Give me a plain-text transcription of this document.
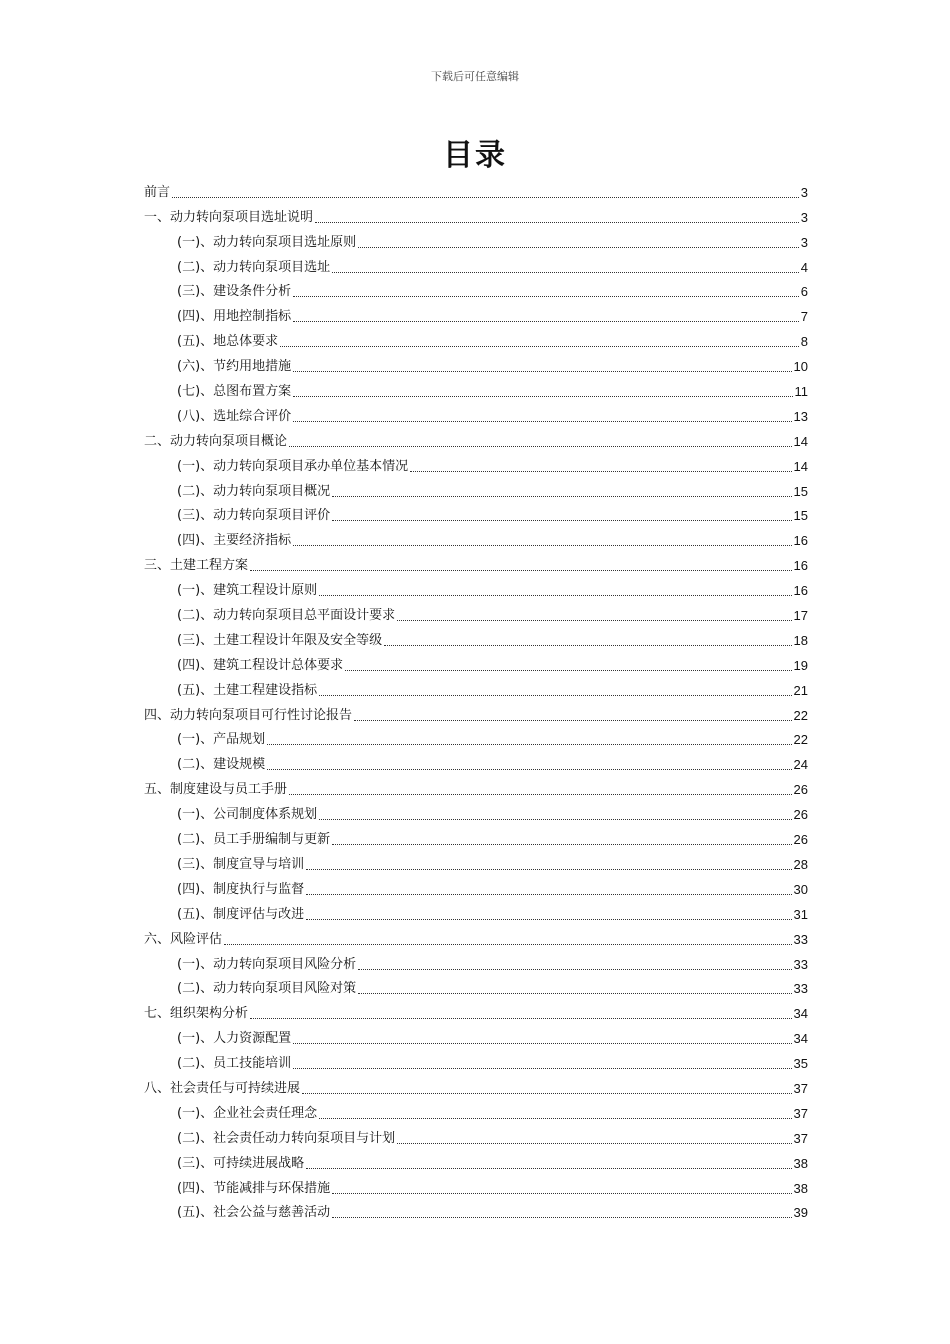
下载后可任意编辑
目录
前言	3
一、动力转向泵项目选址说明	3
(一)、动力转向泵项目选址原则	3
(二)、动力转向泵项目选址	4
(三)、建设条件分析	6
(四)、用地控制指标	7
(五)、地总体要求	8
(六)、节约用地措施	10
(七)、总图布置方案	11
(八)、选址综合评价	13
二、动力转向泵项目概论	14
(一)、动力转向泵项目承办单位基本情况	14
(二)、动力转向泵项目概况	15
(三)、动力转向泵项目评价	15
(四)、主要经济指标	16
三、土建工程方案	16
(一)、建筑工程设计原则	16
(二)、动力转向泵项目总平面设计要求	17
(三)、土建工程设计年限及安全等级	18
(四)、建筑工程设计总体要求	19
(五)、土建工程建设指标	21
四、动力转向泵项目可行性讨论报告	22
(一)、产品规划	22
(二)、建设规模	24
五、制度建设与员工手册	26
(一)、公司制度体系规划	26
(二)、员工手册编制与更新	26
(三)、制度宣导与培训	28
(四)、制度执行与监督	30
(五)、制度评估与改进	31
六、风险评估	33
(一)、动力转向泵项目风险分析	33
(二)、动力转向泵项目风险对策	33
七、组织架构分析	34
(一)、人力资源配置	34
(二)、员工技能培训	35
八、社会责任与可持续进展	37
(一)、企业社会责任理念	37
(二)、社会责任动力转向泵项目与计划	37
(三)、可持续进展战略	38
(四)、节能减排与环保措施	38
(五)、社会公益与慈善活动	39
